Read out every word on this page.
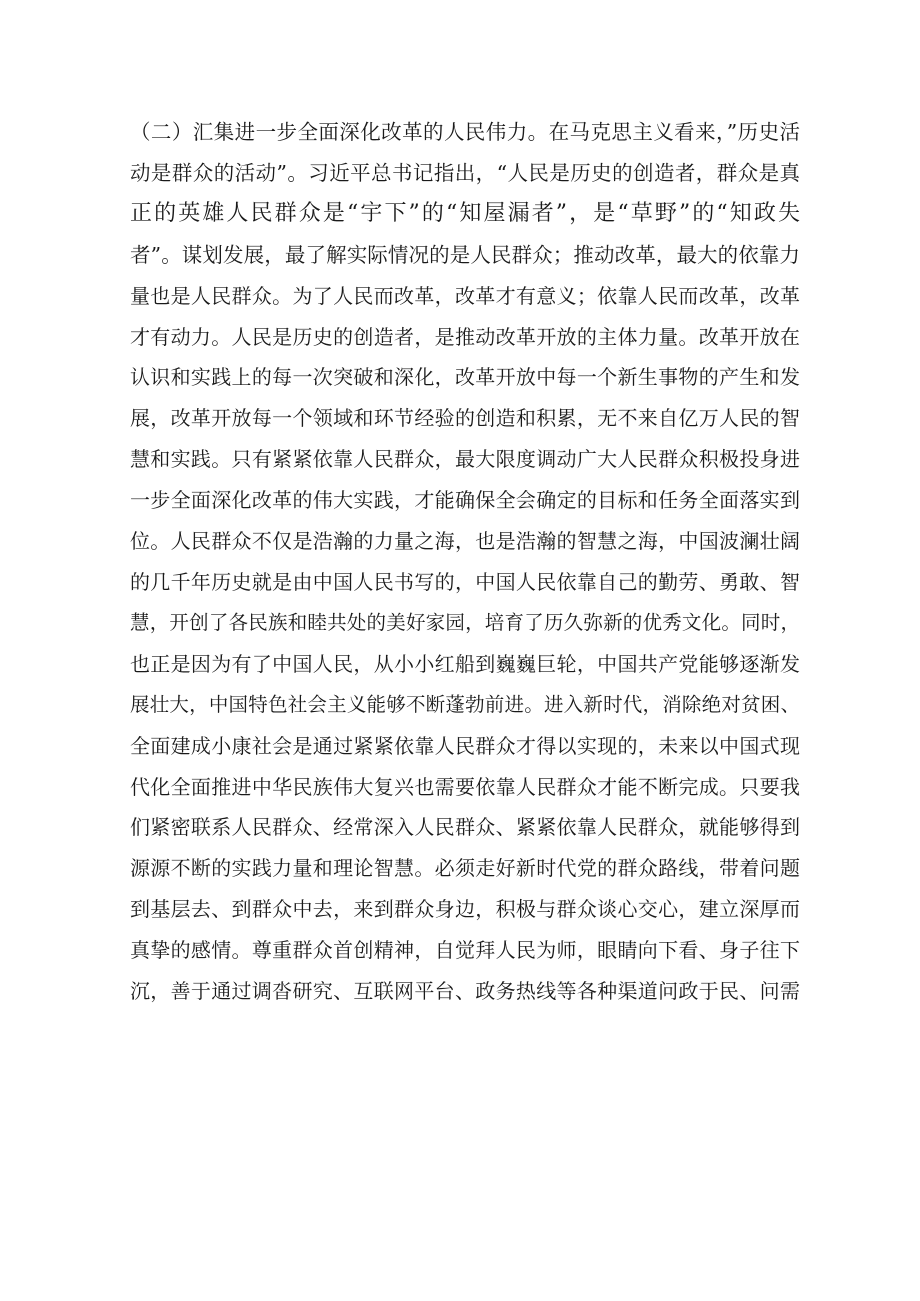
（二）汇集进一步全面深化改革的人民伟力。在马克思主义看来，”历史活
动是群众的活动”。习近平总书记指出，“人民是历史的创造者，群众是真
正的英雄人民群众是“宇下”的“知屋漏者”，是“草野”的“知政失
者”。谋划发展，最了解实际情况的是人民群众；推动改革，最大的依靠力
量也是人民群众。为了人民而改革，改革才有意义；依靠人民而改革，改革
才有动力。人民是历史的创造者，是推动改革开放的主体力量。改革开放在
认识和实践上的每一次突破和深化，改革开放中每一个新生事物的产生和发
展，改革开放每一个领域和环节经验的创造和积累，无不来自亿万人民的智
慧和实践。只有紧紧依靠人民群众，最大限度调动广大人民群众积极投身进
一步全面深化改革的伟大实践，才能确保全会确定的目标和任务全面落实到
位。人民群众不仅是浩瀚的力量之海，也是浩瀚的智慧之海，中国波澜壮阔
的几千年历史就是由中国人民书写的，中国人民依靠自己的勤劳、勇敢、智
慧，开创了各民族和睦共处的美好家园，培育了历久弥新的优秀文化。同时，
也正是因为有了中国人民，从小小红船到巍巍巨轮，中国共产党能够逐渐发
展壮大，中国特色社会主义能够不断蓬勃前进。进入新时代，消除绝对贫困、
全面建成小康社会是通过紧紧依靠人民群众才得以实现的，未来以中国式现
代化全面推进中华民族伟大复兴也需要依靠人民群众才能不断完成。只要我
们紧密联系人民群众、经常深入人民群众、紧紧依靠人民群众，就能够得到
源源不断的实践力量和理论智慧。必须走好新时代党的群众路线，带着问题
到基层去、到群众中去，来到群众身边，积极与群众谈心交心，建立深厚而
真挚的感情。尊重群众首创精神，自觉拜人民为师，眼睛向下看、身子往下
沉，善于通过调沓研究、互联网平台、政务热线等各种渠道问政于民、问需
